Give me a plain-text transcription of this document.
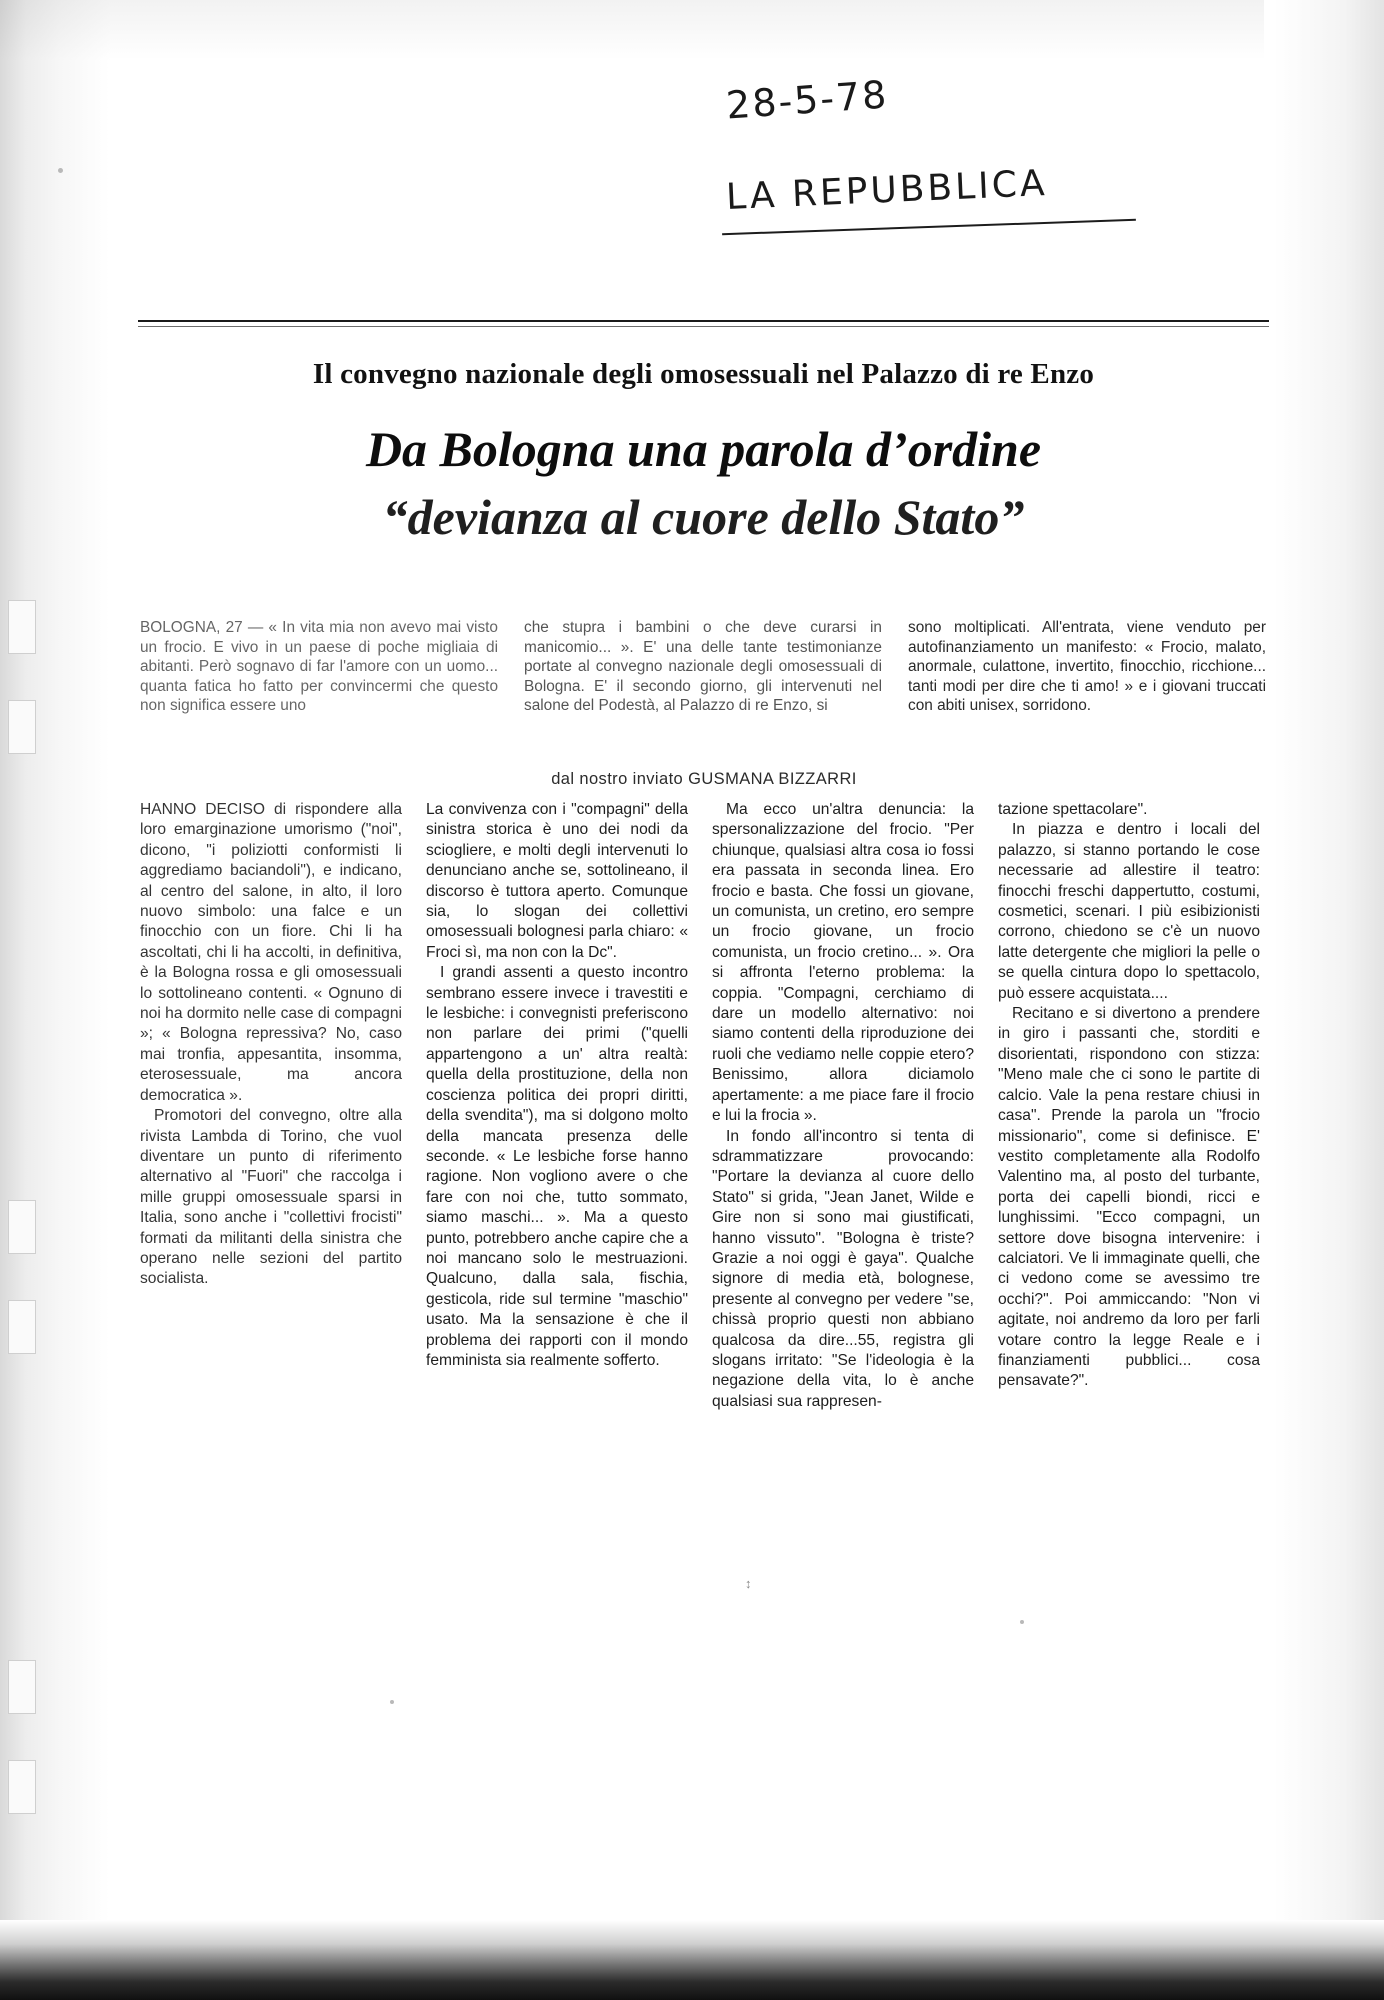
28-5-78
LA REPUBBLICA
Il convegno nazionale degli omosessuali nel Palazzo di re Enzo
Da Bologna una parola d’ordine
“devianza al cuore dello Stato”
BOLOGNA, 27 — « In vita mia non avevo mai visto un frocio. E vivo in un paese di poche migliaia di abitanti. Però sognavo di far l'amore con un uomo... quanta fatica ho fatto per convincermi che questo non significa essere uno
che stupra i bambini o che deve curarsi in manicomio... ». E' una delle tante testimonianze portate al convegno nazionale degli omosessuali di Bologna. E' il secondo giorno, gli intervenuti nel salone del Podestà, al Palazzo di re Enzo, si
sono moltiplicati. All'entrata, viene venduto per autofinanziamento un manifesto: « Frocio, malato, anormale, culattone, invertito, finocchio, ricchione... tanti modi per dire che ti amo! » e i giovani truccati con abiti unisex, sorridono.
dal nostro inviato GUSMANA BIZZARRI

HANNO DECISO di rispondere alla loro emarginazione umorismo ("noi", dicono, "i poliziotti conformisti li aggrediamo baciandoli"), e indicano, al centro del salone, in alto, il loro nuovo simbolo: una falce e un finocchio con un fiore. Chi li ha ascoltati, chi li ha accolti, in definitiva, è la Bologna rossa e gli omosessuali lo sottolineano contenti. « Ognuno di noi ha dormito nelle case di compagni »; « Bologna repressiva? No, caso mai tronfia, appesantita, insomma, eterosessuale, ma ancora democratica ».

Promotori del convegno, oltre alla rivista Lambda di Torino, che vuol diventare un punto di riferimento alternativo al "Fuori" che raccolga i mille gruppi omosessuale sparsi in Italia, sono anche i "collettivi frocisti" formati da militanti della sinistra che operano nelle sezioni del partito socialista.

La convivenza con i "compagni" della sinistra storica è uno dei nodi da sciogliere, e molti degli intervenuti lo denunciano anche se, sottolineano, il discorso è tuttora aperto. Comunque sia, lo slogan dei collettivi omosessuali bolognesi parla chiaro: « Froci sì, ma non con la Dc".

I grandi assenti a questo incontro sembrano essere invece i travestiti e le lesbiche: i convegnisti preferiscono non parlare dei primi ("quelli appartengono a un' altra realtà: quella della prostituzione, della non coscienza politica dei propri diritti, della svendita"), ma si dolgono molto della mancata presenza delle seconde. « Le lesbiche forse hanno ragione. Non vogliono avere o che fare con noi che, tutto sommato, siamo maschi... ». Ma a questo punto, potrebbero anche capire che a noi mancano solo le mestruazioni. Qualcuno, dalla sala, fischia, gesticola, ride sul termine "maschio" usato. Ma la sensazione è che il problema dei rapporti con il mondo femminista sia realmente sofferto.

Ma ecco un'altra denuncia: la spersonalizzazione del frocio. "Per chiunque, qualsiasi altra cosa io fossi era passata in seconda linea. Ero frocio e basta. Che fossi un giovane, un comunista, un cretino, ero sempre un frocio giovane, un frocio comunista, un frocio cretino... ». Ora si affronta l'eterno problema: la coppia. "Compagni, cerchiamo di dare un modello alternativo: noi siamo contenti della riproduzione dei ruoli che vediamo nelle coppie etero? Benissimo, allora diciamolo apertamente: a me piace fare il frocio e lui la frocia ».

In fondo all'incontro si tenta di sdrammatizzare provocando: "Portare la devianza al cuore dello Stato" si grida, "Jean Janet, Wilde e Gire non si sono mai giustificati, hanno vissuto". "Bologna è triste? Grazie a noi oggi è gaya". Qualche signore di media età, bolognese, presente al convegno per vedere "se, chissà proprio questi non abbiano qualcosa da dire...55, registra gli slogans irritato: "Se l'ideologia è la negazione della vita, lo è anche qualsiasi sua rappresen-

tazione spettacolare".

In piazza e dentro i locali del palazzo, si stanno portando le cose necessarie ad allestire il teatro: finocchi freschi dappertutto, costumi, cosmetici, scenari. I più esibizionisti corrono, chiedono se c'è un nuovo latte detergente che migliori la pelle o se quella cintura dopo lo spettacolo, può essere acquistata....

Recitano e si divertono a prendere in giro i passanti che, storditi e disorientati, rispondono con stizza: "Meno male che ci sono le partite di calcio. Vale la pena restare chiusi in casa". Prende la parola un "frocio missionario", come si definisce. E' vestito completamente alla Rodolfo Valentino ma, al posto del turbante, porta dei capelli biondi, ricci e lunghissimi. "Ecco compagni, un settore dove bisogna intervenire: i calciatori. Ve li immaginate quelli, che ci vedono come se avessimo tre occhi?". Poi ammiccando: "Non vi agitate, noi andremo da loro per farli votare contro la legge Reale e i finanziamenti pubblici... cosa pensavate?".

↕
